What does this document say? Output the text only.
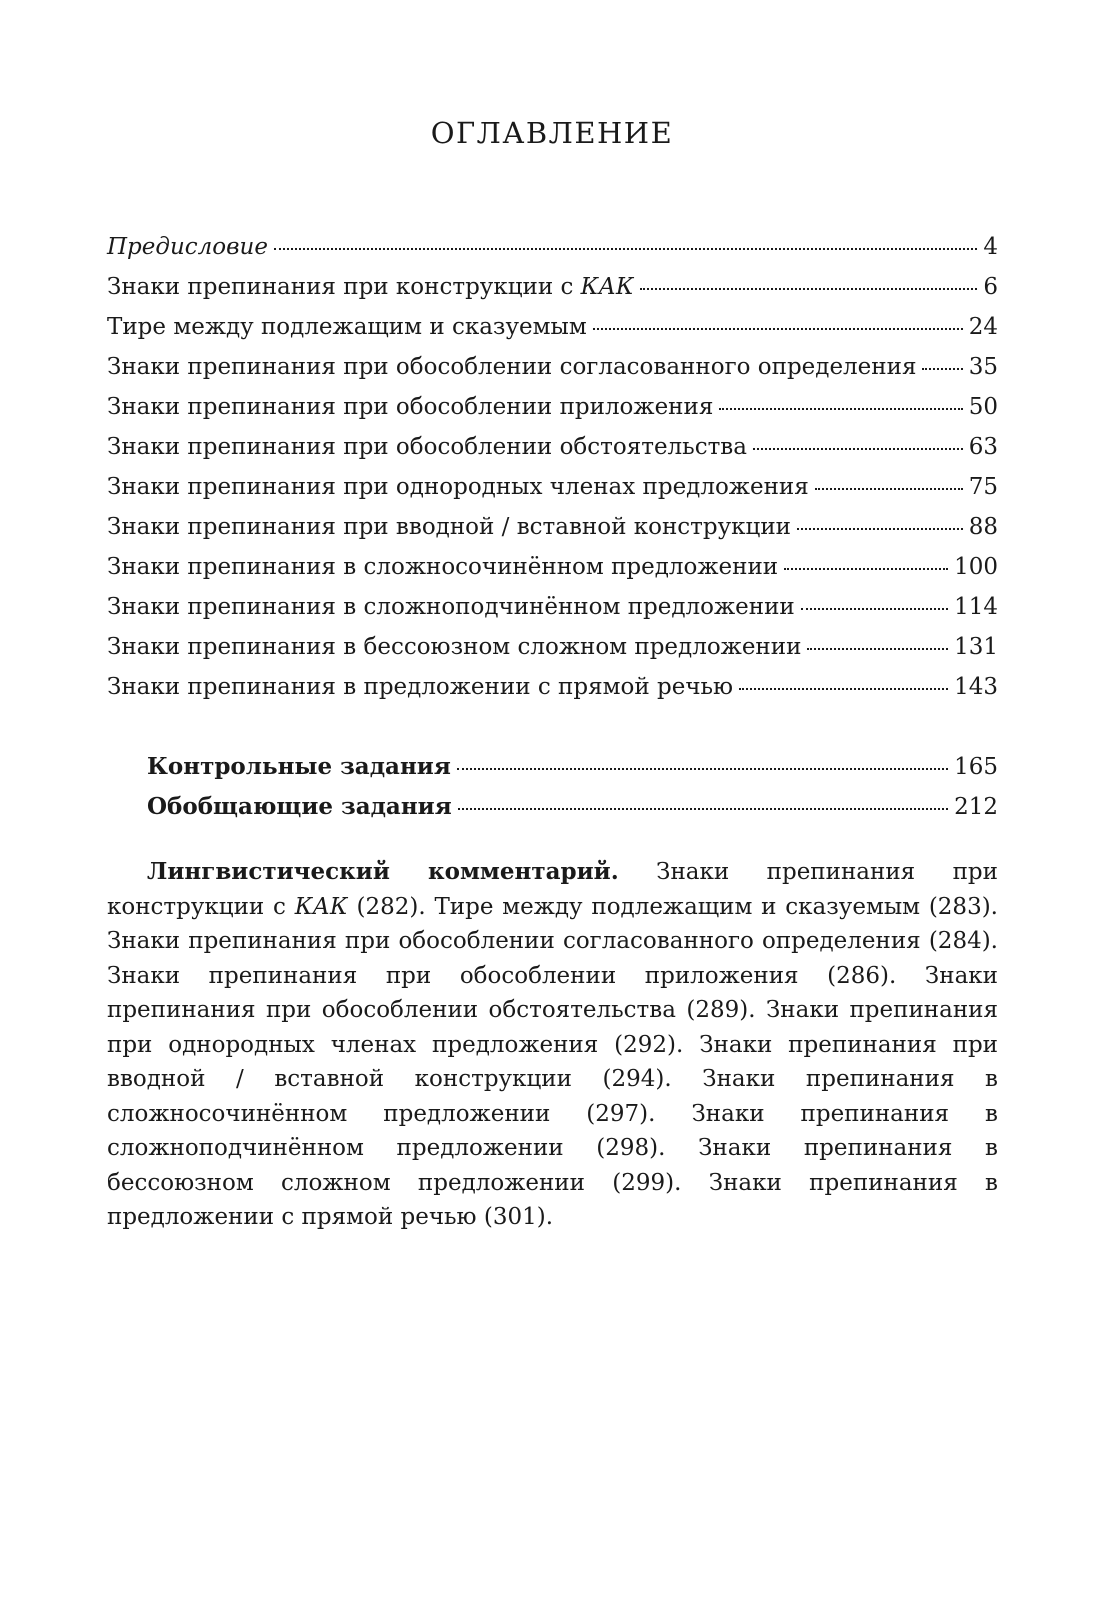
ОГЛАВЛЕНИЕ
Предисловие	4
Знаки препинания при конструкции с КАК	6
Тире между подлежащим и сказуемым	24
Знаки препинания при обособлении согласованного определения 35
Знаки препинания при обособлении приложения	50
Знаки препинания при обособлении обстоятельства	63
Знаки препинания при однородных членах предложения	75
Знаки препинания при вводной / вставной конструкции	88
Знаки препинания в сложносочинённом предложении	100
Знаки препинания в сложноподчинённом предложении	114
Знаки препинания в бессоюзном сложном предложении	131
Знаки препинания в предложении с прямой речью	143
Контрольные задания	165
Обобщающие задания	212
Лингвистический комментарий. Знаки препинания при конструкции с КАК (282). Тире между подлежащим и сказуемым (283). Знаки препинания при обособлении согласованного определения (284). Знаки препинания при обособлении приложения (286). Знаки препинания при обособлении обстоятельства (289). Знаки препинания при однородных членах предложения (292). Знаки препинания при вводной / вставной конструкции (294). Знаки препинания в сложносочинённом предложении (297). Знаки препинания в сложноподчинённом предложении (298). Знаки препинания в бессоюзном сложном предложении (299). Знаки препинания в предложении с прямой речью (301).
